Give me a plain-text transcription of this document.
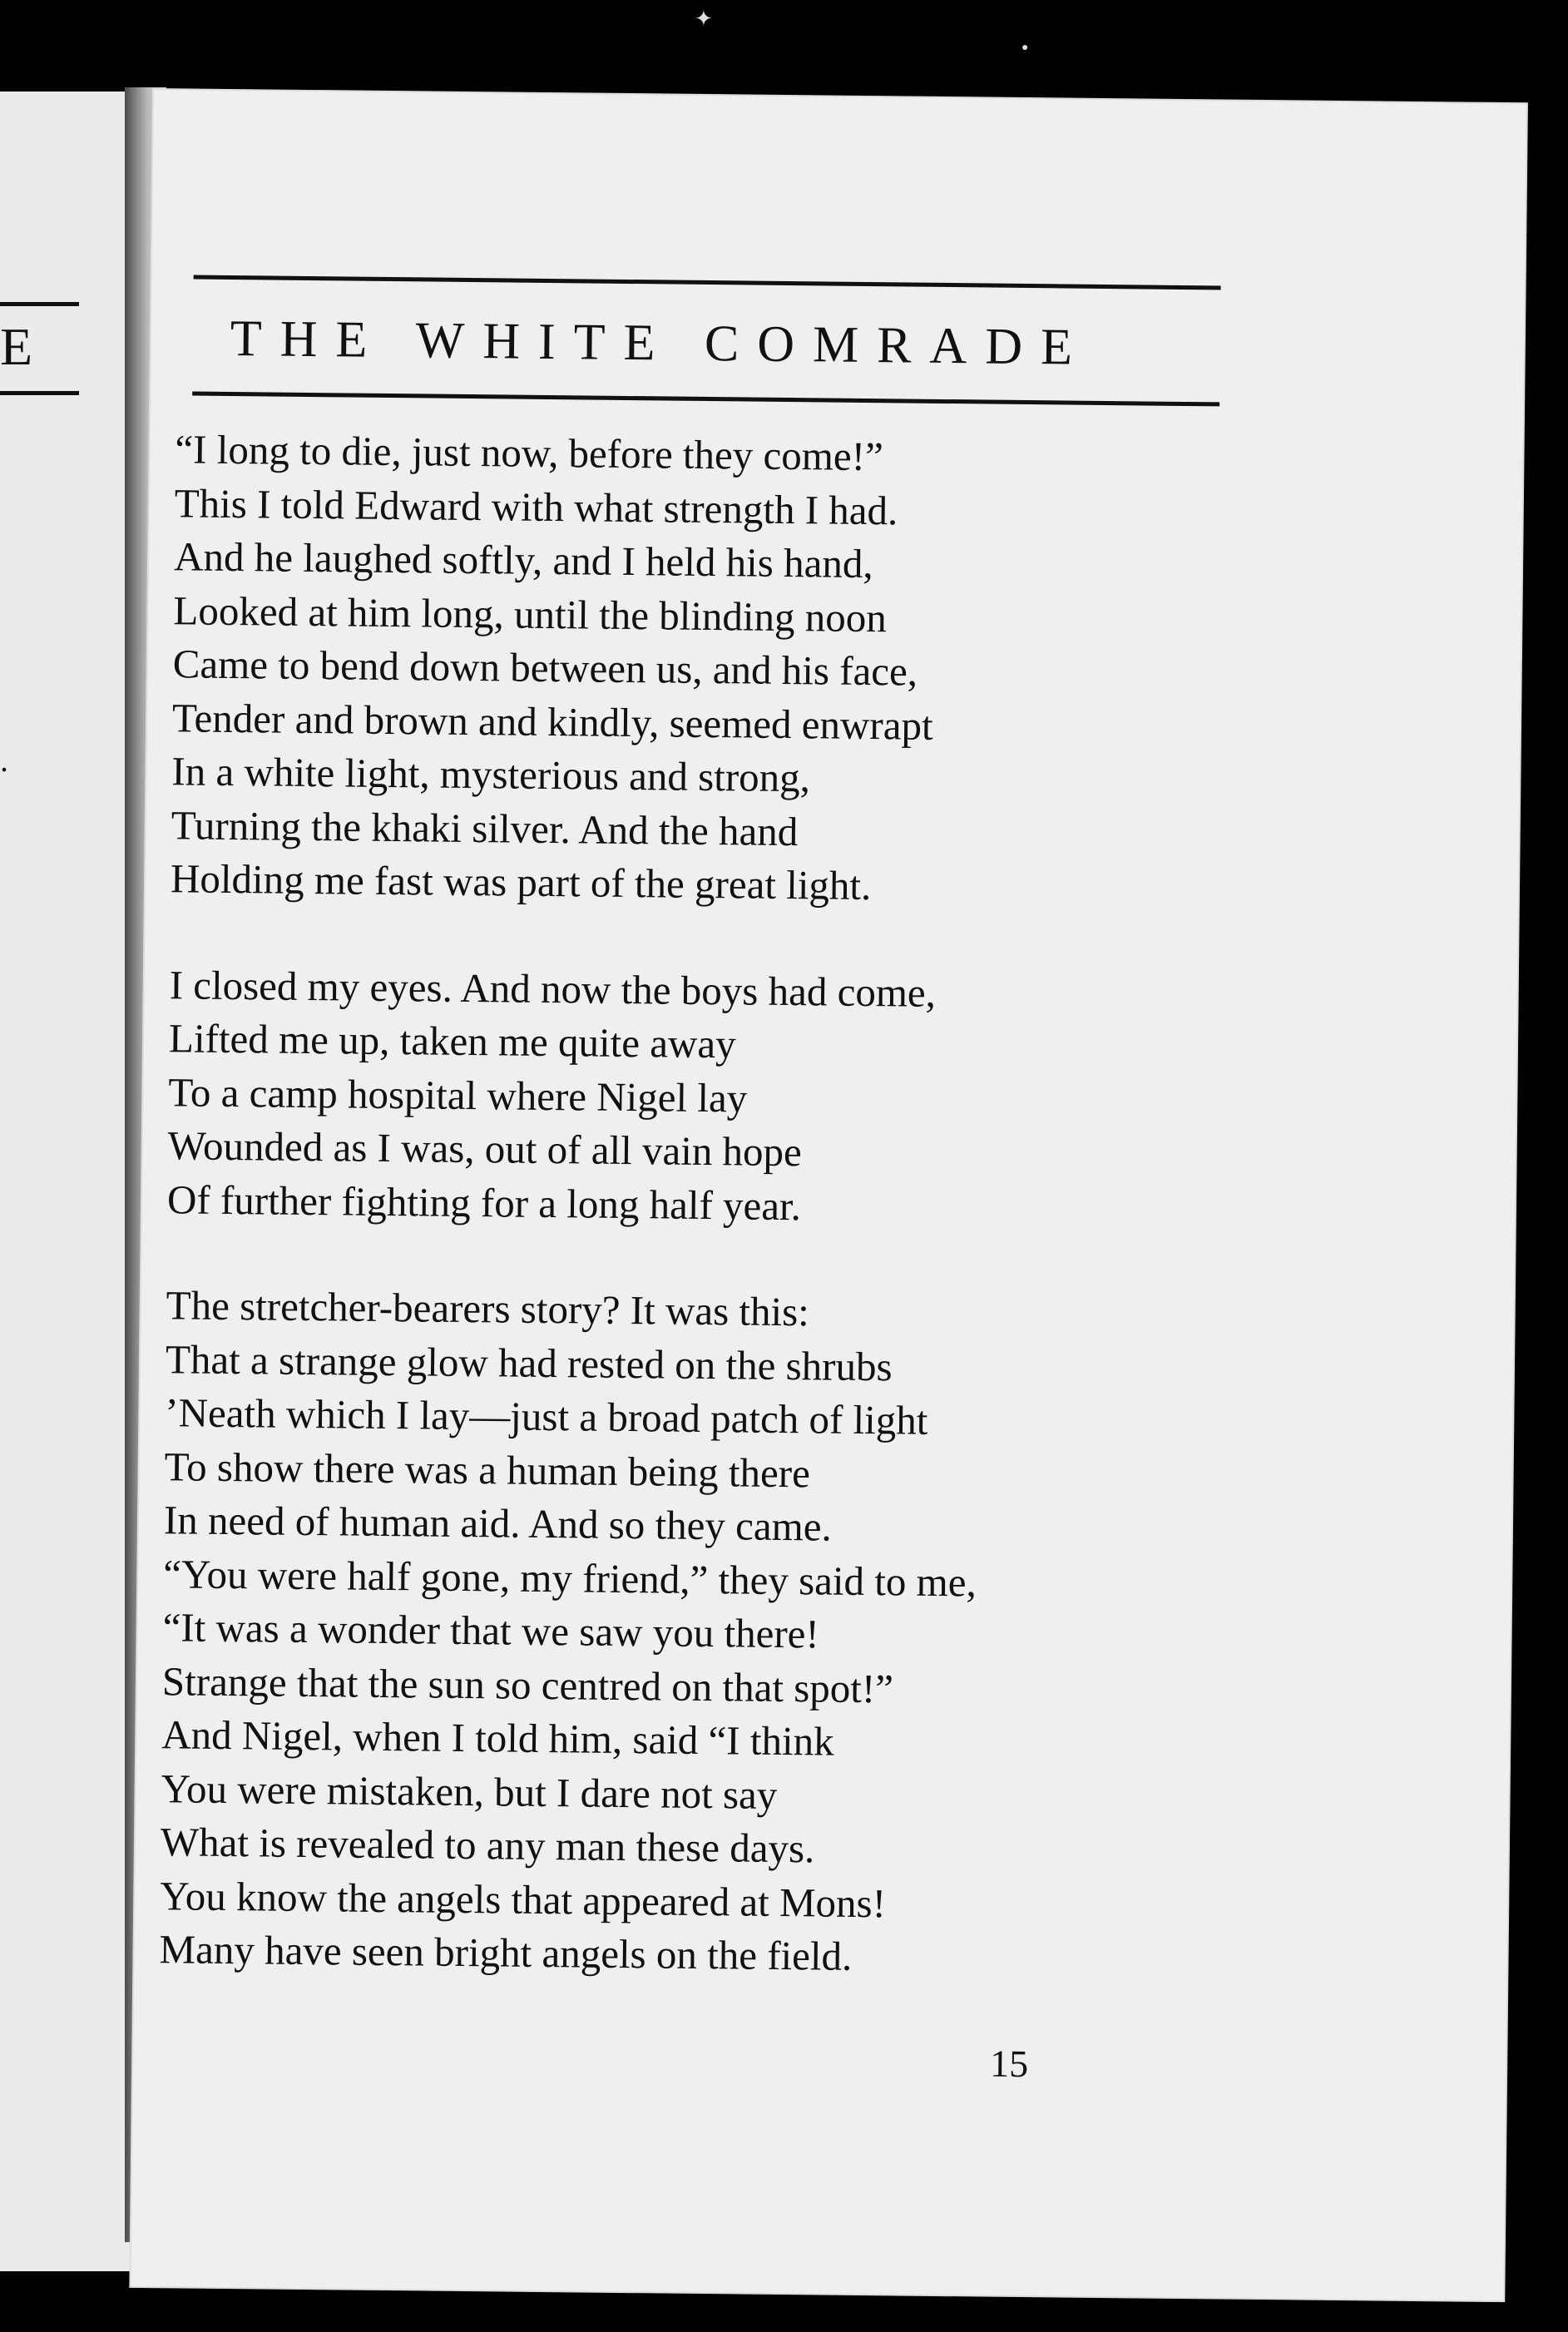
✦
●
E
.
THE WHITE COMRADE
“I long to die, just now, before they come!”
This I told Edward with what strength I had.
And he laughed softly, and I held his hand,
Looked at him long, until the blinding noon
Came to bend down between us, and his face,
Tender and brown and kindly, seemed enwrapt
In a white light, mysterious and strong,
Turning the khaki silver. And the hand
Holding me fast was part of the great light.
I closed my eyes. And now the boys had come,
Lifted me up, taken me quite away
To a camp hospital where Nigel lay
Wounded as I was, out of all vain hope
Of further fighting for a long half year.
The stretcher-bearers story? It was this:
That a strange glow had rested on the shrubs
’Neath which I lay—just a broad patch of light
To show there was a human being there
In need of human aid. And so they came.
“You were half gone, my friend,” they said to me,
“It was a wonder that we saw you there!
Strange that the sun so centred on that spot!”
And Nigel, when I told him, said “I think
You were mistaken, but I dare not say
What is revealed to any man these days.
You know the angels that appeared at Mons!
Many have seen bright angels on the field.
15
